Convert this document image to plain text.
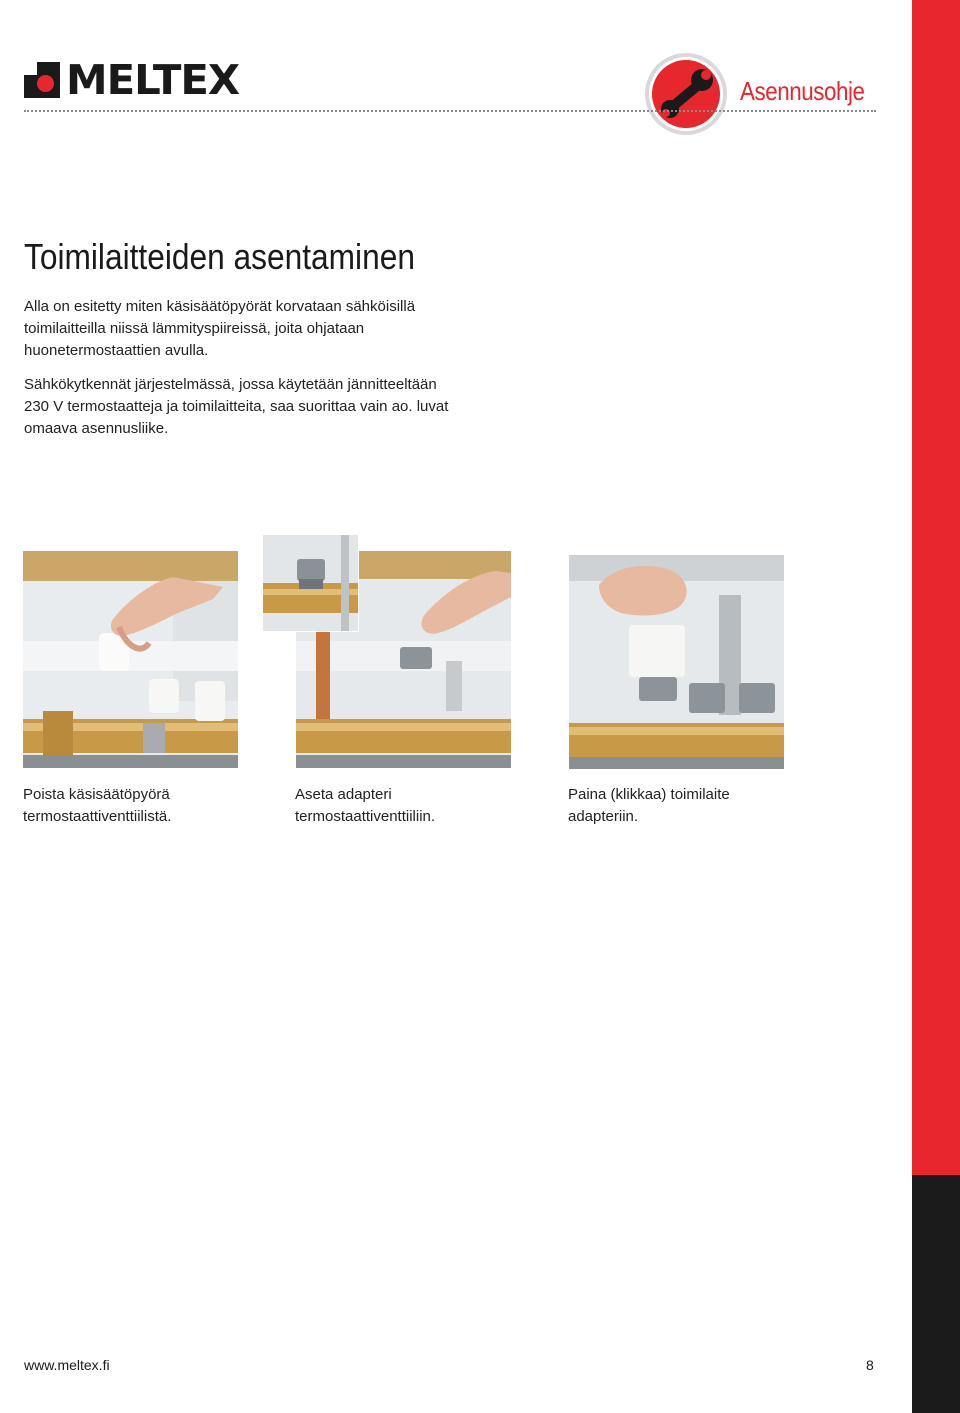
MELTEX	Asennusohje
Toimilaitteiden asentaminen

Alla on esitetty miten käsisäätöpyörät korvataan sähköisillä toimilaitteilla niissä lämmityspiireissä, joita ohjataan huonetermostaattien avulla.

Sähkökytkennät järjestelmässä, jossa käytetään jännitteeltään 230 V termostaatteja ja toimilaitteita, saa suorittaa vain ao. luvat omaava asennusliike.

Poista käsisäätöpyörä termostaattiventtiilistä.

Aseta adapteri termostaattiventtiiliin.

Paina (klikkaa) toimilaite adapteriin.

www.meltex.fi	8
